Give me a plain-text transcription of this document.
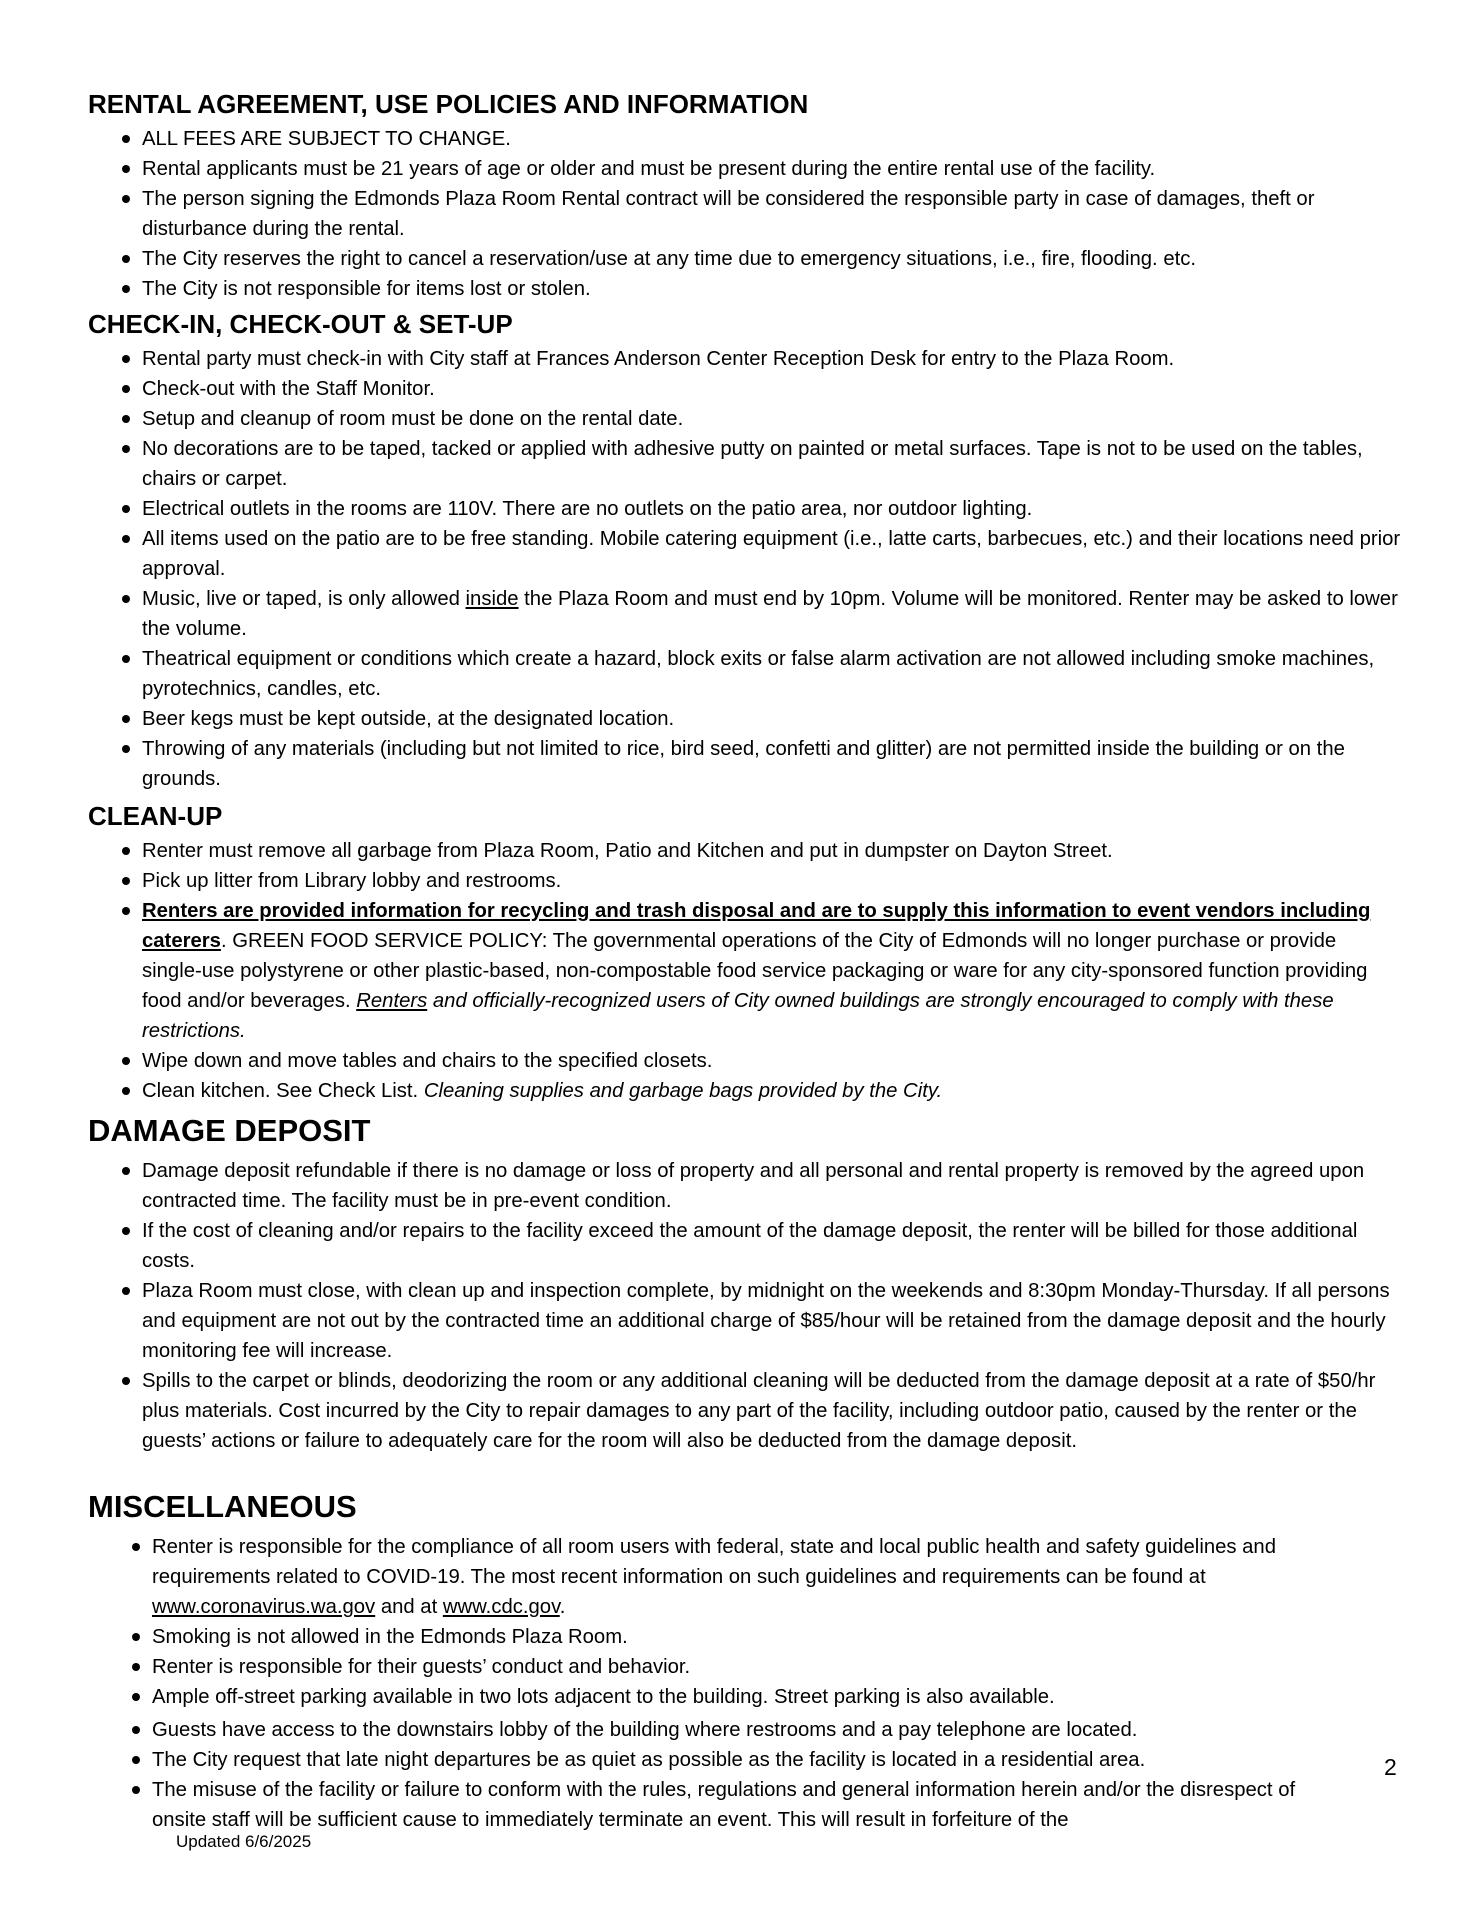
RENTAL AGREEMENT, USE POLICIES AND INFORMATION
ALL FEES ARE SUBJECT TO CHANGE.
Rental applicants must be 21 years of age or older and must be present during the entire rental use of the facility.
The person signing the Edmonds Plaza Room Rental contract will be considered the responsible party in case of damages, theft or disturbance during the rental.
The City reserves the right to cancel a reservation/use at any time due to emergency situations, i.e., fire, flooding. etc.
The City is not responsible for items lost or stolen.
CHECK-IN, CHECK-OUT & SET-UP
Rental party must check-in with City staff at Frances Anderson Center Reception Desk for entry to the Plaza Room.
Check-out with the Staff Monitor.
Setup and cleanup of room must be done on the rental date.
No decorations are to be taped, tacked or applied with adhesive putty on painted or metal surfaces. Tape is not to be used on the tables, chairs or carpet.
Electrical outlets in the rooms are 110V. There are no outlets on the patio area, nor outdoor lighting.
All items used on the patio are to be free standing. Mobile catering equipment (i.e., latte carts, barbecues, etc.) and their locations need prior approval.
Music, live or taped, is only allowed inside the Plaza Room and must end by 10pm. Volume will be monitored. Renter may be asked to lower the volume.
Theatrical equipment or conditions which create a hazard, block exits or false alarm activation are not allowed including smoke machines, pyrotechnics, candles, etc.
Beer kegs must be kept outside, at the designated location.
Throwing of any materials (including but not limited to rice, bird seed, confetti and glitter) are not permitted inside the building or on the grounds.
CLEAN-UP
Renter must remove all garbage from Plaza Room, Patio and Kitchen and put in dumpster on Dayton Street.
Pick up litter from Library lobby and restrooms.
Renters are provided information for recycling and trash disposal and are to supply this information to event vendors including caterers. GREEN FOOD SERVICE POLICY: The governmental operations of the City of Edmonds will no longer purchase or provide single-use polystyrene or other plastic-based, non-compostable food service packaging or ware for any city-sponsored function providing food and/or beverages. Renters and officially-recognized users of City owned buildings are strongly encouraged to comply with these restrictions.
Wipe down and move tables and chairs to the specified closets.
Clean kitchen. See Check List. Cleaning supplies and garbage bags provided by the City.
DAMAGE DEPOSIT
Damage deposit refundable if there is no damage or loss of property and all personal and rental property is removed by the agreed upon contracted time. The facility must be in pre-event condition.
If the cost of cleaning and/or repairs to the facility exceed the amount of the damage deposit, the renter will be billed for those additional costs.
Plaza Room must close, with clean up and inspection complete, by midnight on the weekends and 8:30pm Monday-Thursday. If all persons and equipment are not out by the contracted time an additional charge of $85/hour will be retained from the damage deposit and the hourly monitoring fee will increase.
Spills to the carpet or blinds, deodorizing the room or any additional cleaning will be deducted from the damage deposit at a rate of $50/hr plus materials. Cost incurred by the City to repair damages to any part of the facility, including outdoor patio, caused by the renter or the guests’ actions or failure to adequately care for the room will also be deducted from the damage deposit.
MISCELLANEOUS
Renter is responsible for the compliance of all room users with federal, state and local public health and safety guidelines and requirements related to COVID-19. The most recent information on such guidelines and requirements can be found at www.coronavirus.wa.gov and at www.cdc.gov.
Smoking is not allowed in the Edmonds Plaza Room.
Renter is responsible for their guests’ conduct and behavior.
Ample off-street parking available in two lots adjacent to the building. Street parking is also available.
Guests have access to the downstairs lobby of the building where restrooms and a pay telephone are located.
The City request that late night departures be as quiet as possible as the facility is located in a residential area.
The misuse of the facility or failure to conform with the rules, regulations and general information herein and/or the disrespect of onsite staff will be sufficient cause to immediately terminate an event. This will result in forfeiture of the
2
Updated 6/6/2025
